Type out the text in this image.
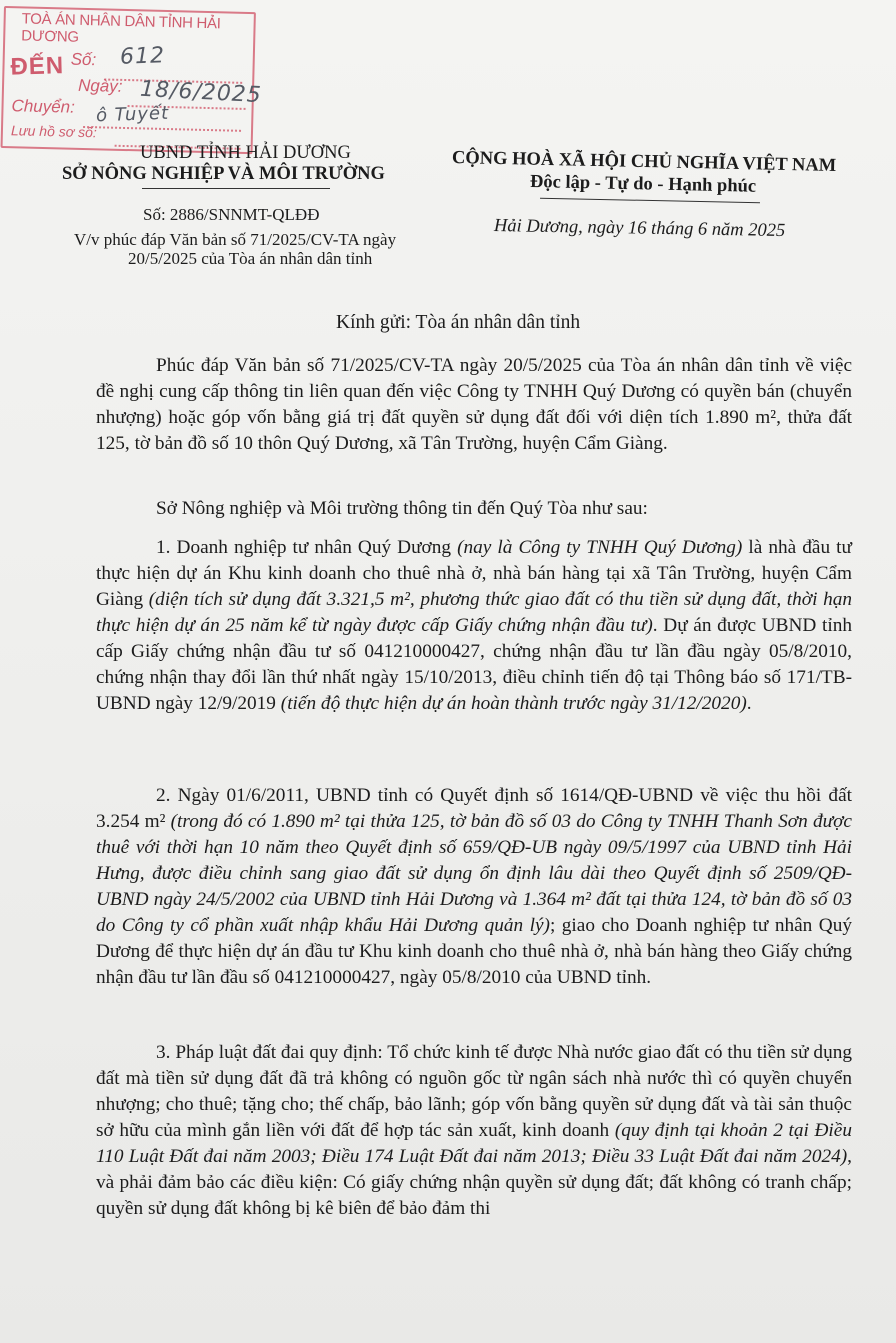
TOÀ ÁN NHÂN DÂN TỈNH HẢI DƯƠNG
ĐẾN Số:
Ngày:
Chuyển:
Lưu hồ sơ số:
612
18/6/2025
ô Tuyết
UBND TỈNH HẢI DƯƠNG
SỞ NÔNG NGHIỆP VÀ MÔI TRƯỜNG
Số: 2886/SNNMT-QLĐĐ
V/v phúc đáp Văn bản số 71/2025/CV-TA ngày
20/5/2025 của Tòa án nhân dân tỉnh
CỘNG HOÀ XÃ HỘI CHỦ NGHĨA VIỆT NAM
Độc lập - Tự do - Hạnh phúc
Hải Dương, ngày 16 tháng 6 năm 2025
Kính gửi: Tòa án nhân dân tỉnh

Phúc đáp Văn bản số 71/2025/CV-TA ngày 20/5/2025 của Tòa án nhân dân tỉnh về việc đề nghị cung cấp thông tin liên quan đến việc Công ty TNHH Quý Dương có quyền bán (chuyển nhượng) hoặc góp vốn bằng giá trị đất quyền sử dụng đất đối với diện tích 1.890 m², thửa đất 125, tờ bản đồ số 10 thôn Quý Dương, xã Tân Trường, huyện Cẩm Giàng.

Sở Nông nghiệp và Môi trường thông tin đến Quý Tòa như sau:

1. Doanh nghiệp tư nhân Quý Dương (nay là Công ty TNHH Quý Dương) là nhà đầu tư thực hiện dự án Khu kinh doanh cho thuê nhà ở, nhà bán hàng tại xã Tân Trường, huyện Cẩm Giàng (diện tích sử dụng đất 3.321,5 m², phương thức giao đất có thu tiền sử dụng đất, thời hạn thực hiện dự án 25 năm kể từ ngày được cấp Giấy chứng nhận đầu tư). Dự án được UBND tỉnh cấp Giấy chứng nhận đầu tư số 041210000427, chứng nhận đầu tư lần đầu ngày 05/8/2010, chứng nhận thay đổi lần thứ nhất ngày 15/10/2013, điều chỉnh tiến độ tại Thông báo số 171/TB-UBND ngày 12/9/2019 (tiến độ thực hiện dự án hoàn thành trước ngày 31/12/2020).

2. Ngày 01/6/2011, UBND tỉnh có Quyết định số 1614/QĐ-UBND về việc thu hồi đất 3.254 m² (trong đó có 1.890 m² tại thửa 125, tờ bản đồ số 03 do Công ty TNHH Thanh Sơn được thuê với thời hạn 10 năm theo Quyết định số 659/QĐ-UB ngày 09/5/1997 của UBND tỉnh Hải Hưng, được điều chỉnh sang giao đất sử dụng ổn định lâu dài theo Quyết định số 2509/QĐ-UBND ngày 24/5/2002 của UBND tỉnh Hải Dương và 1.364 m² đất tại thửa 124, tờ bản đồ số 03 do Công ty cổ phần xuất nhập khẩu Hải Dương quản lý); giao cho Doanh nghiệp tư nhân Quý Dương để thực hiện dự án đầu tư Khu kinh doanh cho thuê nhà ở, nhà bán hàng theo Giấy chứng nhận đầu tư lần đầu số 041210000427, ngày 05/8/2010 của UBND tỉnh.

3. Pháp luật đất đai quy định: Tổ chức kinh tế được Nhà nước giao đất có thu tiền sử dụng đất mà tiền sử dụng đất đã trả không có nguồn gốc từ ngân sách nhà nước thì có quyền chuyển nhượng; cho thuê; tặng cho; thế chấp, bảo lãnh; góp vốn bằng quyền sử dụng đất và tài sản thuộc sở hữu của mình gắn liền với đất để hợp tác sản xuất, kinh doanh (quy định tại khoản 2 tại Điều 110 Luật Đất đai năm 2003; Điều 174 Luật Đất đai năm 2013; Điều 33 Luật Đất đai năm 2024), và phải đảm bảo các điều kiện: Có giấy chứng nhận quyền sử dụng đất; đất không có tranh chấp; quyền sử dụng đất không bị kê biên để bảo đảm thi
